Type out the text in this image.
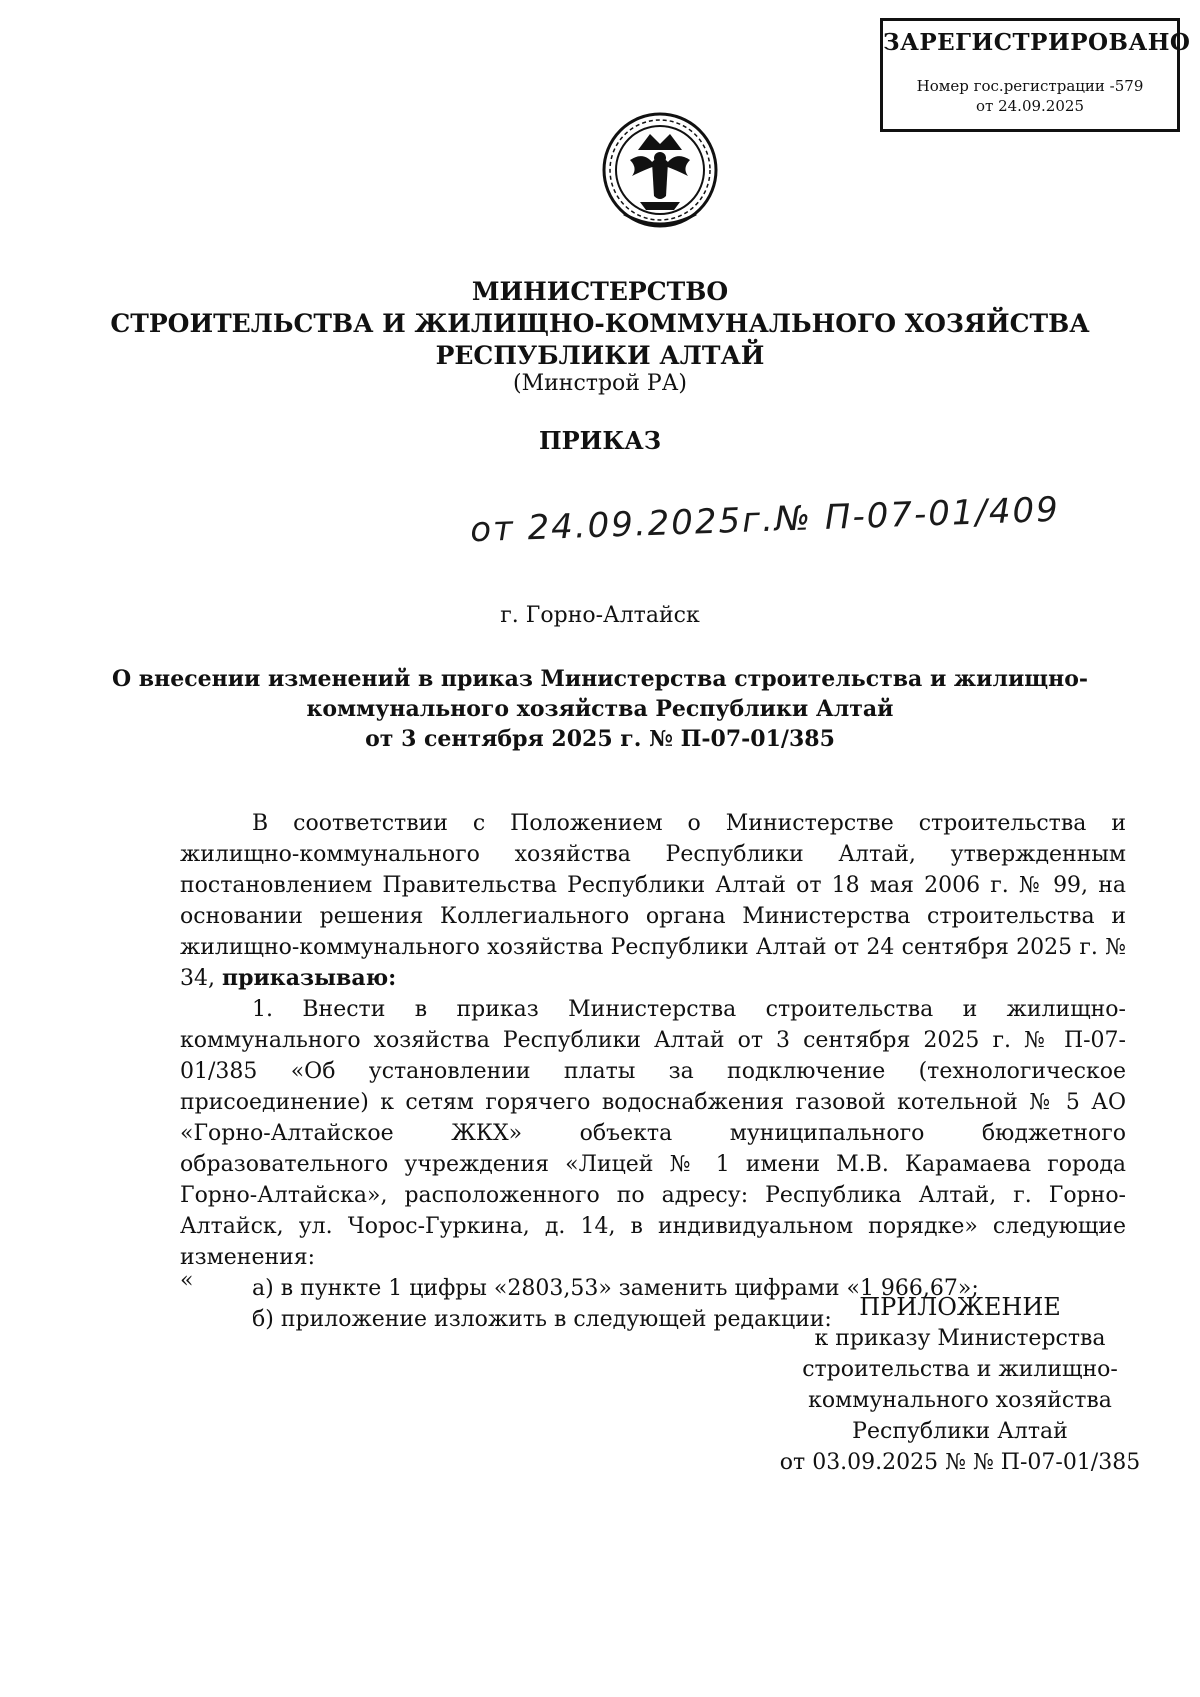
ЗАРЕГИСТРИРОВАНО
Номер гос.регистрации -579
от 24.09.2025
МИНИСТЕРСТВО
СТРОИТЕЛЬСТВА И ЖИЛИЩНО-КОММУНАЛЬНОГО ХОЗЯЙСТВА
РЕСПУБЛИКИ АЛТАЙ
(Минстрой РА)
ПРИКАЗ
от 24.09.2025г.№ П-07-01/409
г. Горно-Алтайск
О внесении изменений в приказ Министерства строительства и жилищно-
коммунального хозяйства Республики Алтай
от 3 сентября 2025 г. № П-07-01/385

В соответствии с Положением о Министерстве строительства и жилищно-коммунального хозяйства Республики Алтай, утвержденным постановлением Правительства Республики Алтай от 18 мая 2006 г. № 99, на основании решения Коллегиального органа Министерства строительства и жилищно-коммунального хозяйства Республики Алтай от 24 сентября 2025 г. № 34, приказываю:

1. Внести в приказ Министерства строительства и жилищно-коммунального хозяйства Республики Алтай от 3 сентября 2025 г. № П-07-01/385 «Об установлении платы за подключение (технологическое присоединение) к сетям горячего водоснабжения газовой котельной № 5 АО «Горно-Алтайское ЖКХ» объекта муниципального бюджетного образовательного учреждения «Лицей № 1 имени М.В. Карамаева города Горно-Алтайска», расположенного по адресу: Республика Алтай, г. Горно-Алтайск, ул. Чорос-Гуркина, д. 14, в индивидуальном порядке» следующие изменения:

а) в пункте 1 цифры «2803,53» заменить цифрами «1 966,67»;

б) приложение изложить в следующей редакции:

«
ПРИЛОЖЕНИЕ
к приказу Министерства
строительства и жилищно-
коммунального хозяйства
Республики Алтай
от 03.09.2025 № № П-07-01/385
